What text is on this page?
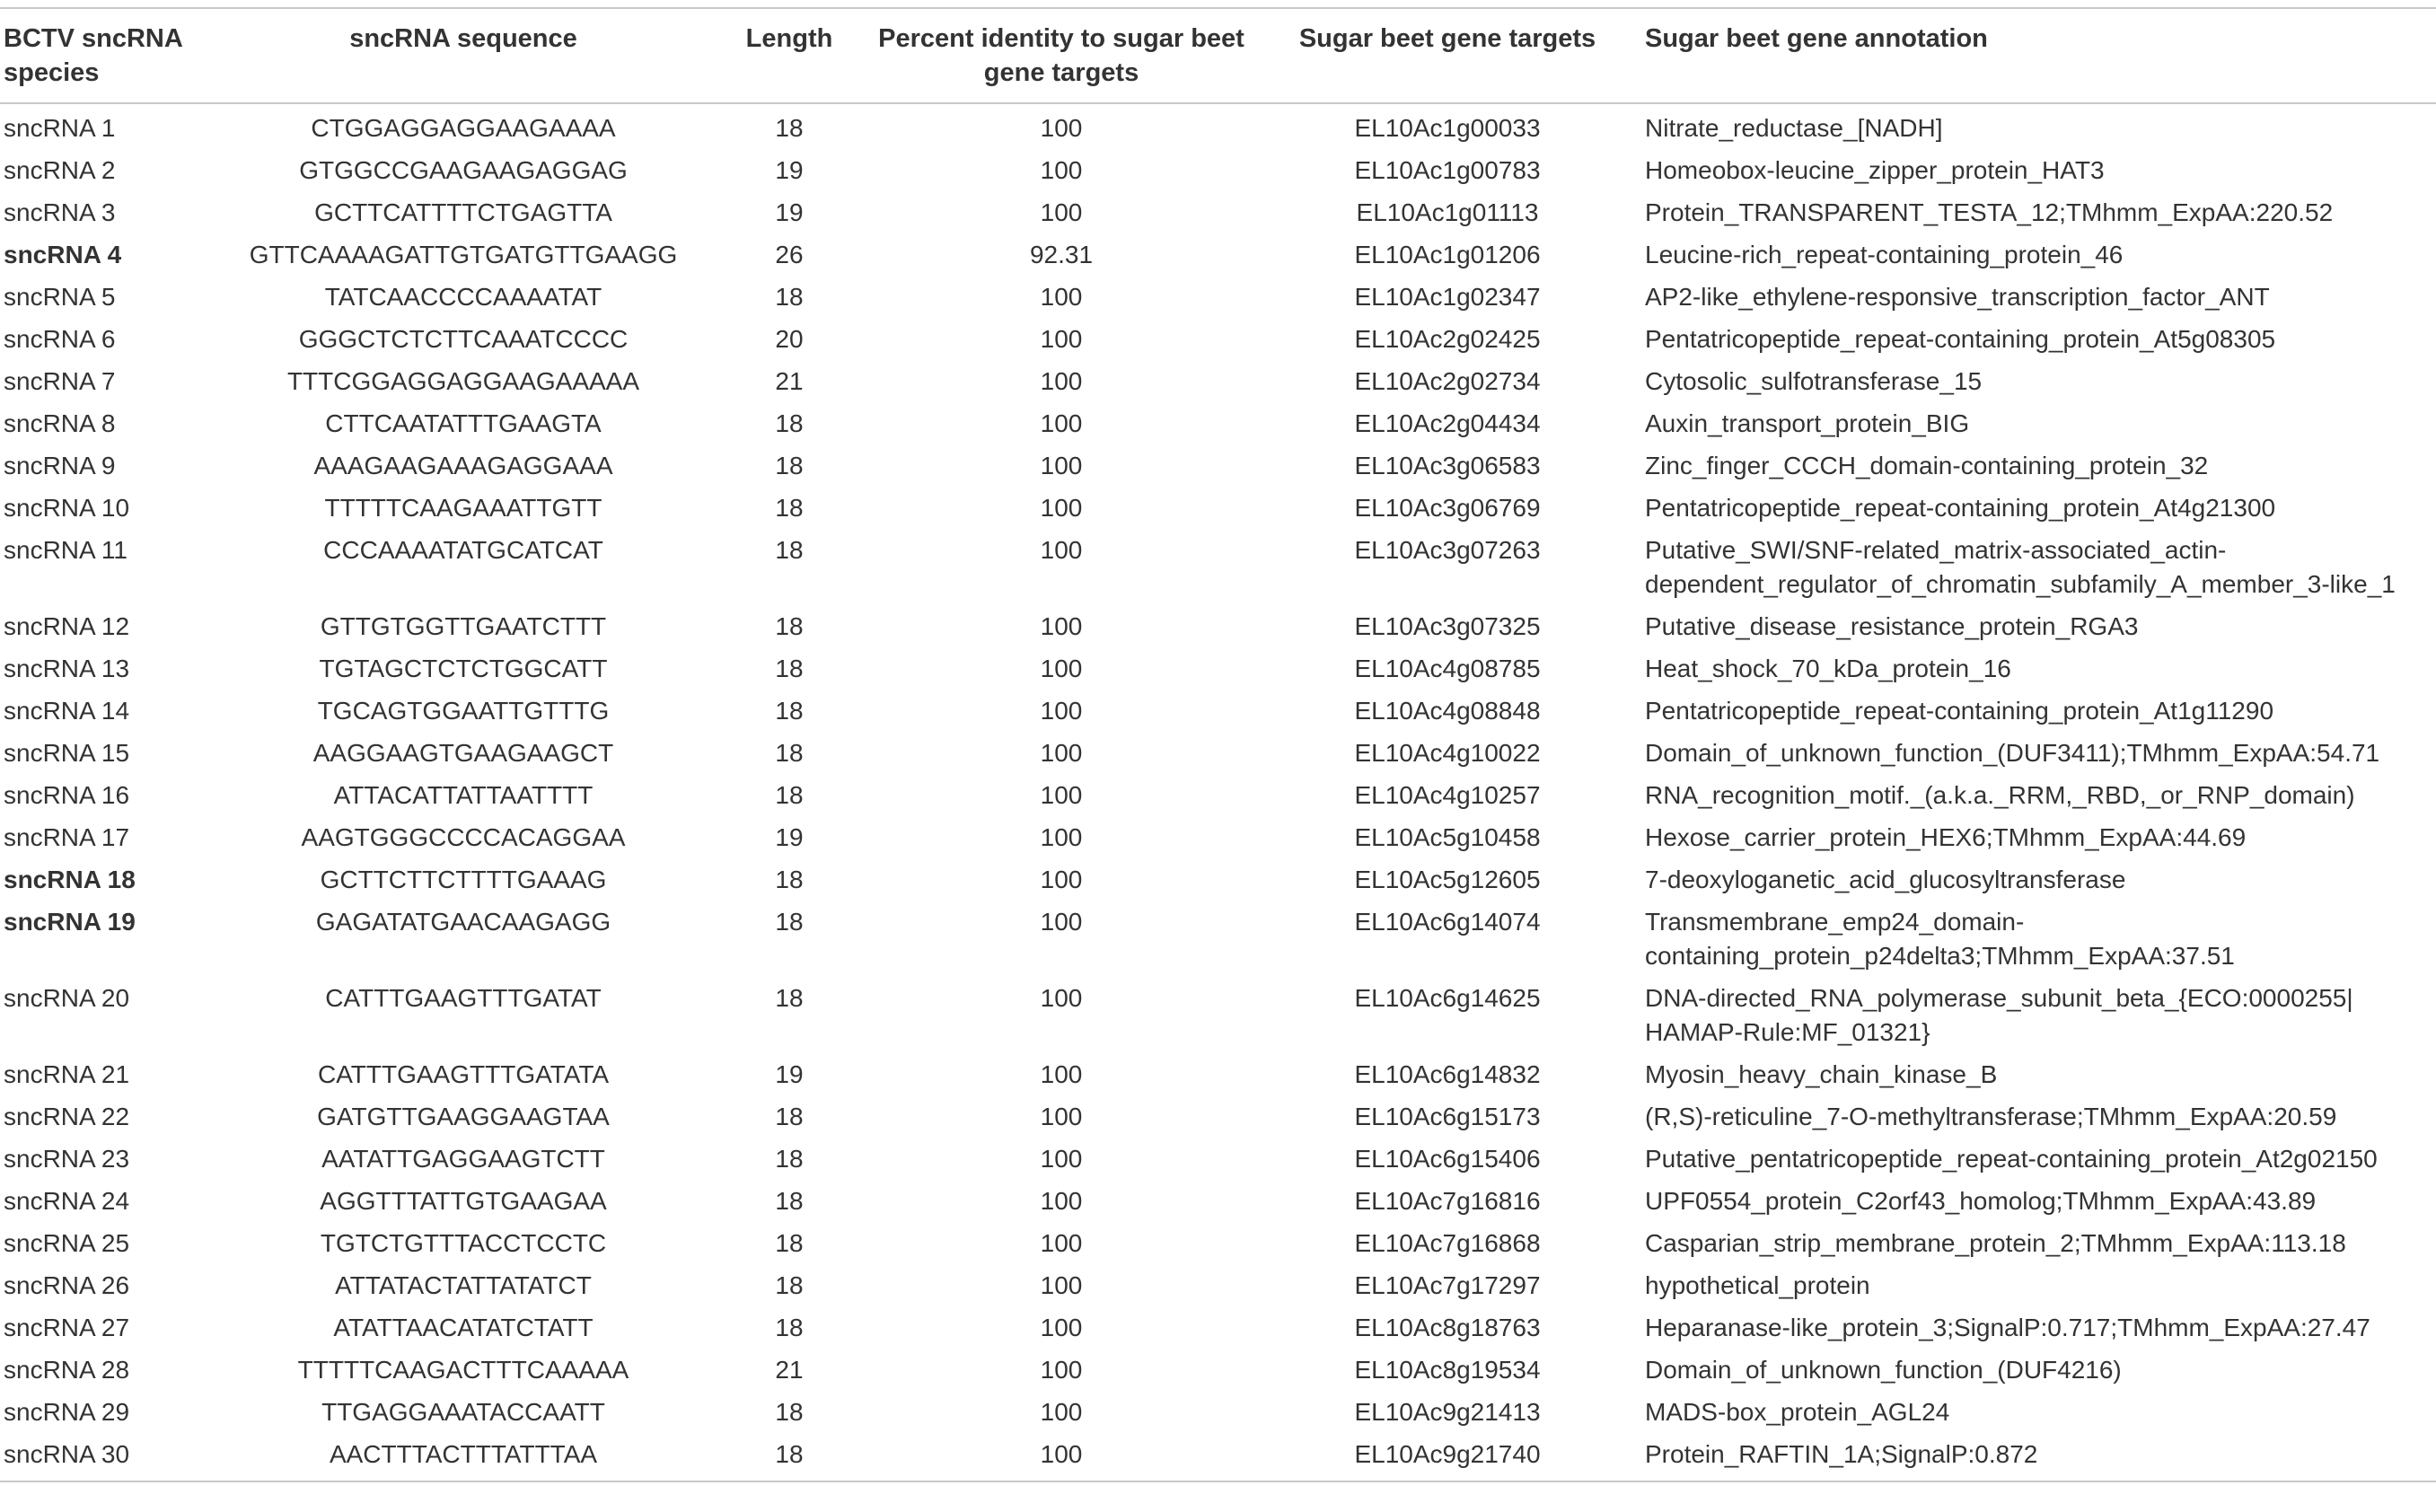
BCTV sncRNA species	sncRNA sequence	Length	Percent identity to sugar beet gene targets	Sugar beet gene targets	Sugar beet gene annotation
sncRNA 1	CTGGAGGAGGAAGAAAA	18	100	EL10Ac1g00033	Nitrate_reductase_[NADH]
sncRNA 2	GTGGCCGAAGAAGAGGAG	19	100	EL10Ac1g00783	Homeobox-leucine_zipper_protein_HAT3
sncRNA 3	GCTTCATTTTCTGAGTTA	19	100	EL10Ac1g01113	Protein_TRANSPARENT_TESTA_12;TMhmm_ExpAA:220.52
sncRNA 4	GTTCAAAAGATTGTGATGTTGAAGG	26	92.31	EL10Ac1g01206	Leucine-rich_repeat-containing_protein_46
sncRNA 5	TATCAACCCCAAAATAT	18	100	EL10Ac1g02347	AP2-like_ethylene-responsive_transcription_factor_ANT
sncRNA 6	GGGCTCTCTTCAAATCCCC	20	100	EL10Ac2g02425	Pentatricopeptide_repeat-containing_protein_At5g08305
sncRNA 7	TTTCGGAGGAGGAAGAAAAA	21	100	EL10Ac2g02734	Cytosolic_sulfotransferase_15
sncRNA 8	CTTCAATATTTGAAGTA	18	100	EL10Ac2g04434	Auxin_transport_protein_BIG
sncRNA 9	AAAGAAGAAAGAGGAAA	18	100	EL10Ac3g06583	Zinc_finger_CCCH_domain-containing_protein_32
sncRNA 10	TTTTTCAAGAAATTGTT	18	100	EL10Ac3g06769	Pentatricopeptide_repeat-containing_protein_At4g21300
sncRNA 11	CCCAAAATATGCATCAT	18	100	EL10Ac3g07263	Putative_SWI/SNF-related_matrix-associated_actin-dependent_regulator_of_chromatin_subfamily_A_member_3-like_1
sncRNA 12	GTTGTGGTTGAATCTTT	18	100	EL10Ac3g07325	Putative_disease_resistance_protein_RGA3
sncRNA 13	TGTAGCTCTCTGGCATT	18	100	EL10Ac4g08785	Heat_shock_70_kDa_protein_16
sncRNA 14	TGCAGTGGAATTGTTTG	18	100	EL10Ac4g08848	Pentatricopeptide_repeat-containing_protein_At1g11290
sncRNA 15	AAGGAAGTGAAGAAGCT	18	100	EL10Ac4g10022	Domain_of_unknown_function_(DUF3411);TMhmm_ExpAA:54.71
sncRNA 16	ATTACATTATTAATTTT	18	100	EL10Ac4g10257	RNA_recognition_motif._(a.k.a._RRM,_RBD,_or_RNP_domain)
sncRNA 17	AAGTGGGCCCCACAGGAA	19	100	EL10Ac5g10458	Hexose_carrier_protein_HEX6;TMhmm_ExpAA:44.69
sncRNA 18	GCTTCTTCTTTTGAAAG	18	100	EL10Ac5g12605	7-deoxyloganetic_acid_glucosyltransferase
sncRNA 19	GAGATATGAACAAGAGG	18	100	EL10Ac6g14074	Transmembrane_emp24_domain-containing_protein_p24delta3;TMhmm_ExpAA:37.51
sncRNA 20	CATTTGAAGTTTGATAT	18	100	EL10Ac6g14625	DNA-directed_RNA_polymerase_subunit_beta_{ECO:0000255| HAMAP-Rule:MF_01321}
sncRNA 21	CATTTGAAGTTTGATATA	19	100	EL10Ac6g14832	Myosin_heavy_chain_kinase_B
sncRNA 22	GATGTTGAAGGAAGTAA	18	100	EL10Ac6g15173	(R,S)-reticuline_7-O-methyltransferase;TMhmm_ExpAA:20.59
sncRNA 23	AATATTGAGGAAGTCTT	18	100	EL10Ac6g15406	Putative_pentatricopeptide_repeat-containing_protein_At2g02150
sncRNA 24	AGGTTTATTGTGAAGAA	18	100	EL10Ac7g16816	UPF0554_protein_C2orf43_homolog;TMhmm_ExpAA:43.89
sncRNA 25	TGTCTGTTTACCTCCTC	18	100	EL10Ac7g16868	Casparian_strip_membrane_protein_2;TMhmm_ExpAA:113.18
sncRNA 26	ATTATACTATTATATCT	18	100	EL10Ac7g17297	hypothetical_protein
sncRNA 27	ATATTAACATATCTATT	18	100	EL10Ac8g18763	Heparanase-like_protein_3;SignalP:0.717;TMhmm_ExpAA:27.47
sncRNA 28	TTTTTCAAGACTTTCAAAAA	21	100	EL10Ac8g19534	Domain_of_unknown_function_(DUF4216)
sncRNA 29	TTGAGGAAATACCAATT	18	100	EL10Ac9g21413	MADS-box_protein_AGL24
sncRNA 30	AACTTTACTTTATTTAA	18	100	EL10Ac9g21740	Protein_RAFTIN_1A;SignalP:0.872
